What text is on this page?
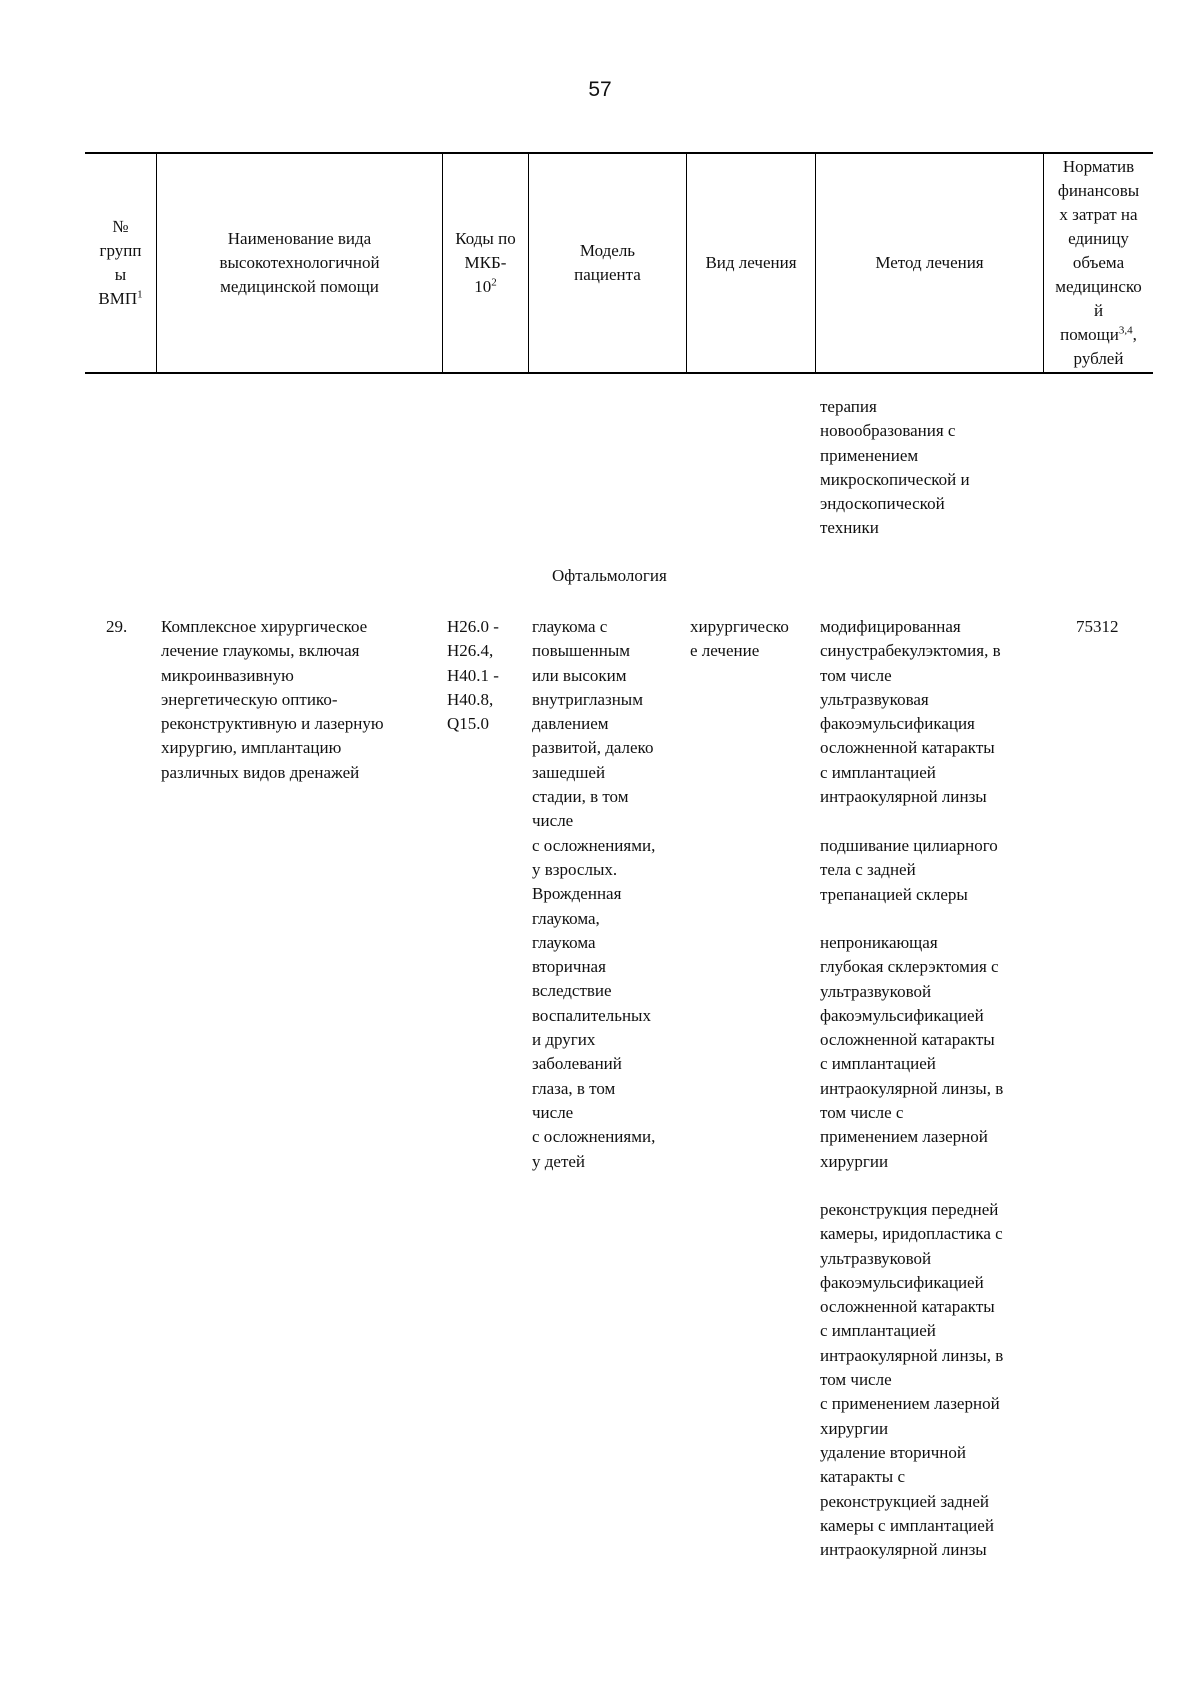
57
№
групп
ы
ВМП$^1$
Наименование вида
высокотехнологичной
медицинской помощи
Коды по
МКБ-
$10^2$
Модель
пациента
Вид лечения	Метод лечения
Норматив
финансовы
х затрат на
единицу
объема
медицинско
й
помощи$^{3,4}$,
рублей
терапия
новообразования с
применением
микроскопической и
эндоскопической
техники
Офтальмология
29. Комплексное хирургическое
лечение глаукомы, включая
микроинвазивную
энергетическую оптико-
реконструктивную и лазерную
хирургию, имплантацию
различных видов дренажей
H26.0 -
H26.4,
H40.1 -
H40.8,
Q15.0
глаукома с
повышенным
или высоким
внутриглазным
давлением
развитой, далеко
зашедшей
стадии, в том
числе
с осложнениями,
у взрослых.
Врожденная
глаукома,
глаукома
вторичная
вследствие
воспалительных
и других
заболеваний
глаза, в том
числе
с осложнениями,
у детей
хирургическо
е лечение
модифицированная
синустрабекулэктомия, в
том числе
ультразвуковая
факоэмульсификация
осложненной катаракты
с имплантацией
интраокулярной линзы
подшивание цилиарного
тела с задней
трепанацией склеры
непроникающая
глубокая склерэктомия с
ультразвуковой
факоэмульсификацией
осложненной катаракты
с имплантацией
интраокулярной линзы, в
том числе с
применением лазерной
хирургии
реконструкция передней
камеры, иридопластика с
ультразвуковой
факоэмульсификацией
осложненной катаракты
с имплантацией
интраокулярной линзы, в
том числе
с применением лазерной
хирургии
удаление вторичной
катаракты с
реконструкцией задней
камеры с имплантацией
интраокулярной линзы
75312
